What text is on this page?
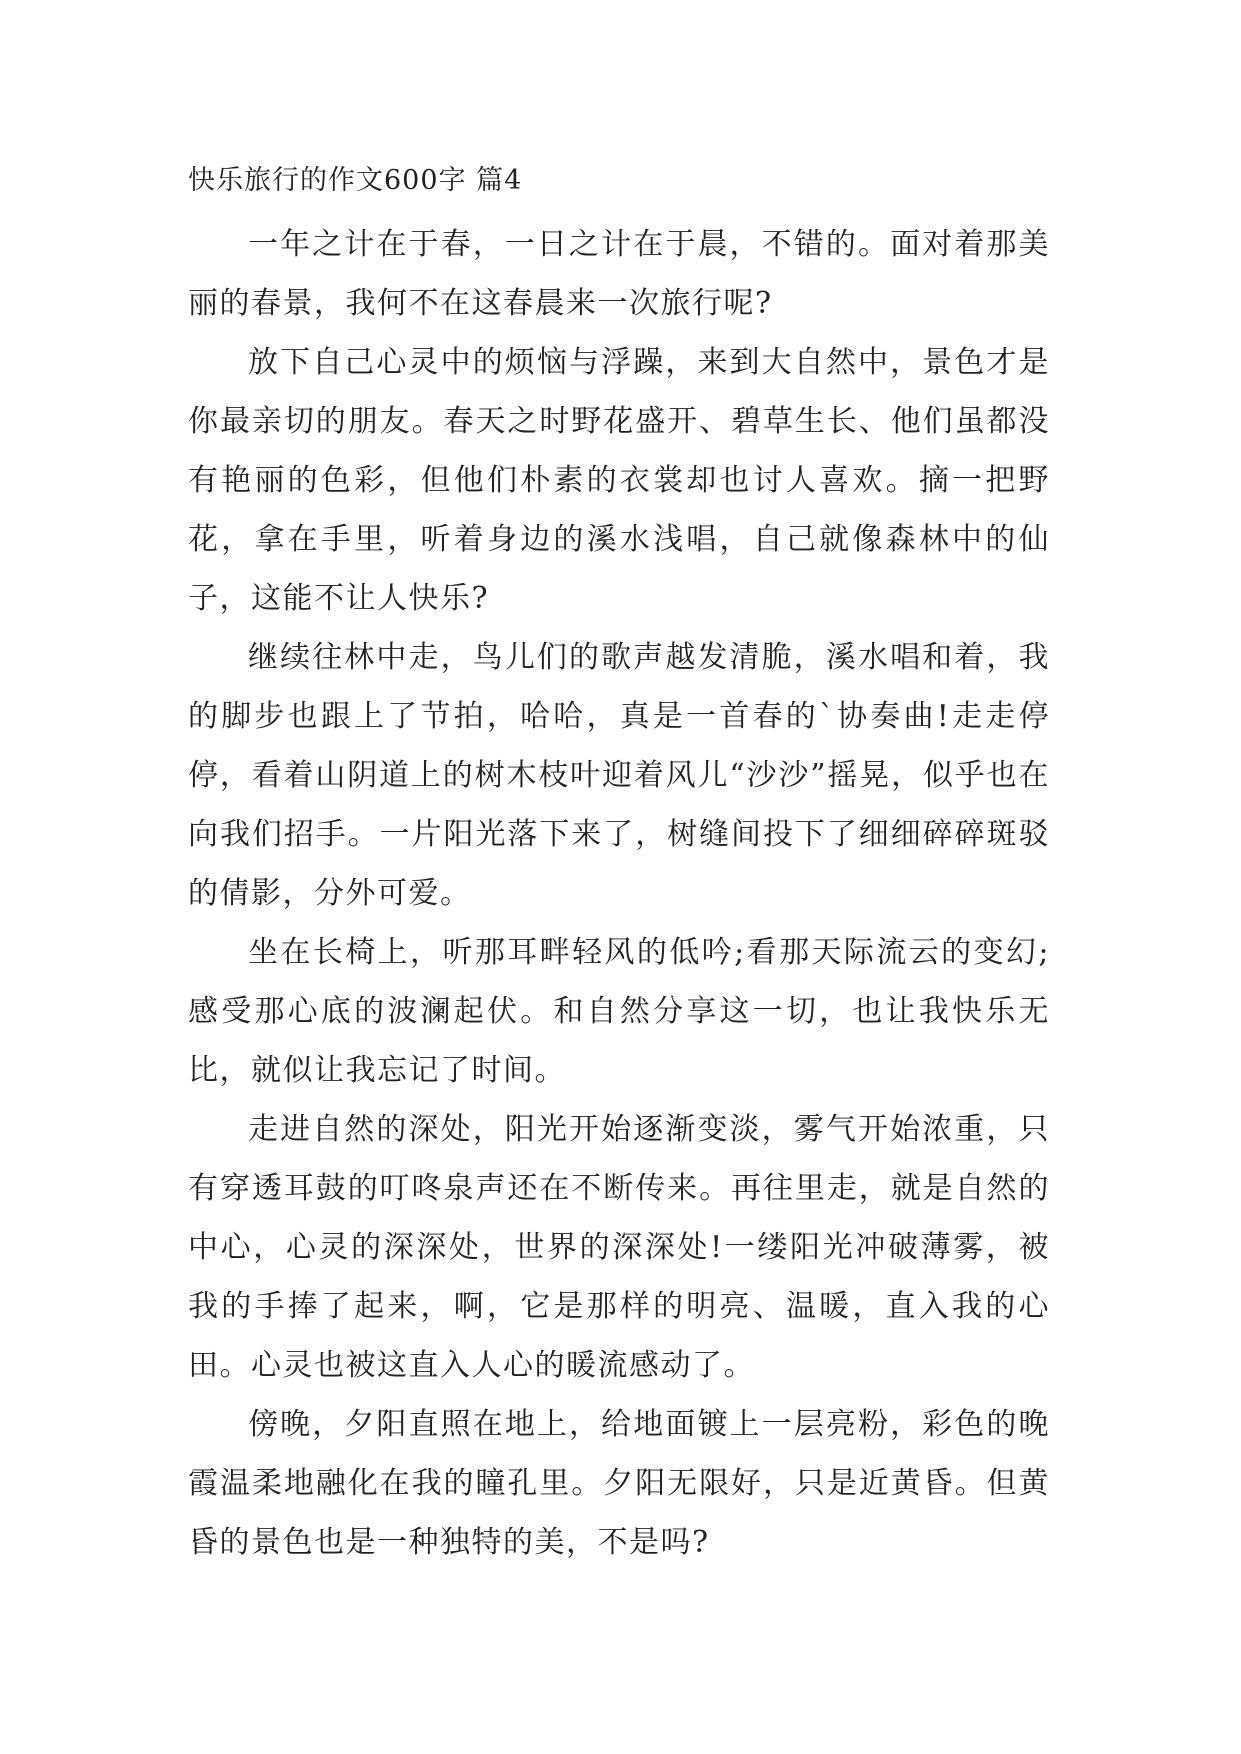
快乐旅行的作文600字 篇4

一年之计在于春，一日之计在于晨，不错的。面对着那美丽的春景，我何不在这春晨来一次旅行呢?

放下自己心灵中的烦恼与浮躁，来到大自然中，景色才是你最亲切的朋友。春天之时野花盛开、碧草生长、他们虽都没有艳丽的色彩，但他们朴素的衣裳却也讨人喜欢。摘一把野花，拿在手里，听着身边的溪水浅唱，自己就像森林中的仙子，这能不让人快乐?

继续往林中走，鸟儿们的歌声越发清脆，溪水唱和着，我的脚步也跟上了节拍，哈哈，真是一首春的`协奏曲!走走停停，看着山阴道上的树木枝叶迎着风儿“沙沙”摇晃，似乎也在向我们招手。一片阳光落下来了，树缝间投下了细细碎碎斑驳的倩影，分外可爱。

坐在长椅上，听那耳畔轻风的低吟;看那天际流云的变幻;感受那心底的波澜起伏。和自然分享这一切，也让我快乐无比，就似让我忘记了时间。

走进自然的深处，阳光开始逐渐变淡，雾气开始浓重，只有穿透耳鼓的叮咚泉声还在不断传来。再往里走，就是自然的中心，心灵的深深处，世界的深深处!一缕阳光冲破薄雾，被我的手捧了起来，啊，它是那样的明亮、温暖，直入我的心田。心灵也被这直入人心的暖流感动了。

傍晚，夕阳直照在地上，给地面镀上一层亮粉，彩色的晚霞温柔地融化在我的瞳孔里。夕阳无限好，只是近黄昏。但黄昏的景色也是一种独特的美，不是吗?
